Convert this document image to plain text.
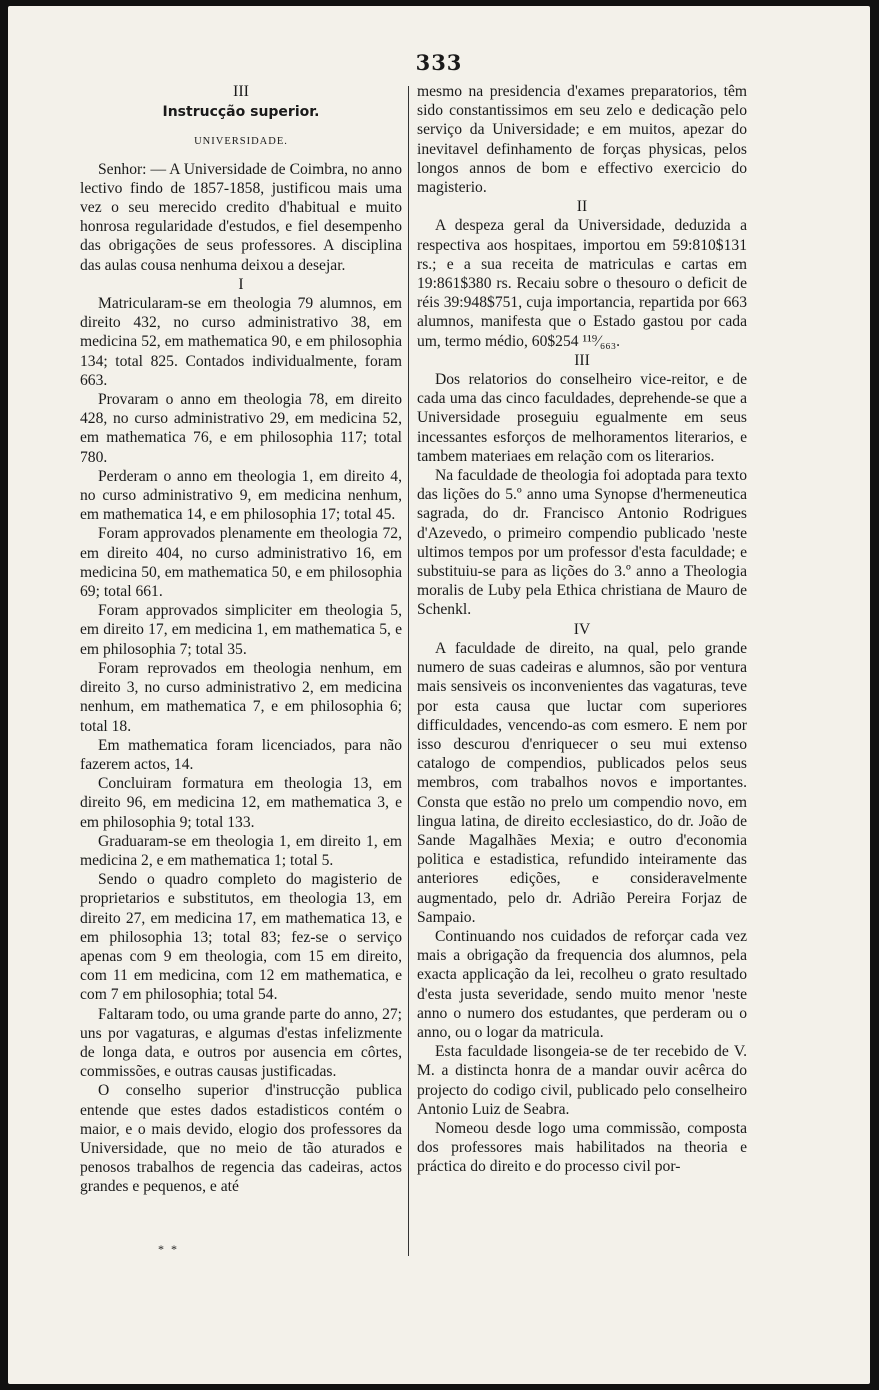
333
III
Instrucção superior.
UNIVERSIDADE.

Senhor: — A Universidade de Coimbra, no anno lectivo findo de 1857-1858, justificou mais uma vez o seu merecido credito d'habitual e muito honrosa regularidade d'estudos, e fiel desempenho das obrigações de seus professores. A disciplina das aulas cousa nenhuma deixou a desejar.

I

Matricularam-se em theologia 79 alumnos, em direito 432, no curso administrativo 38, em medicina 52, em mathematica 90, e em philosophia 134; total 825. Contados individualmente, foram 663.

Provaram o anno em theologia 78, em direito 428, no curso administrativo 29, em medicina 52, em mathematica 76, e em philosophia 117; total 780.

Perderam o anno em theologia 1, em direito 4, no curso administrativo 9, em medicina nenhum, em mathematica 14, e em philosophia 17; total 45.

Foram approvados plenamente em theologia 72, em direito 404, no curso administrativo 16, em medicina 50, em mathematica 50, e em philosophia 69; total 661.

Foram approvados simpliciter em theologia 5, em direito 17, em medicina 1, em mathematica 5, e em philosophia 7; total 35.

Foram reprovados em theologia nenhum, em direito 3, no curso administrativo 2, em medicina nenhum, em mathematica 7, e em philosophia 6; total 18.

Em mathematica foram licenciados, para não fazerem actos, 14.

Concluiram formatura em theologia 13, em direito 96, em medicina 12, em mathematica 3, e em philosophia 9; total 133.

Graduaram-se em theologia 1, em direito 1, em medicina 2, e em mathematica 1; total 5.

Sendo o quadro completo do magisterio de proprietarios e substitutos, em theologia 13, em direito 27, em medicina 17, em mathematica 13, e em philosophia 13; total 83; fez-se o serviço apenas com 9 em theologia, com 15 em direito, com 11 em medicina, com 12 em mathematica, e com 7 em philosophia; total 54.

Faltaram todo, ou uma grande parte do anno, 27; uns por vagaturas, e algumas d'estas infelizmente de longa data, e outros por ausencia em côrtes, commissões, e outras causas justificadas.

O conselho superior d'instrucção publica entende que estes dados estadisticos contém o maior, e o mais devido, elogio dos professores da Universidade, que no meio de tão aturados e penosos trabalhos de regencia das cadeiras, actos grandes e pequenos, e até

mesmo na presidencia d'exames preparatorios, têm sido constantissimos em seu zelo e dedicação pelo serviço da Universidade; e em muitos, apezar do inevitavel definhamento de forças physicas, pelos longos annos de bom e effectivo exercicio do magisterio.

II

A despeza geral da Universidade, deduzida a respectiva aos hospitaes, importou em 59:810$131 rs.; e a sua receita de matriculas e cartas em 19:861$380 rs. Recaiu sobre o thesouro o deficit de réis 39:948$751, cuja importancia, repartida por 663 alumnos, manifesta que o Estado gastou por cada um, termo médio, 60$254 ¹¹⁹⁄₆₆₃.

III

Dos relatorios do conselheiro vice-reitor, e de cada uma das cinco faculdades, deprehende-se que a Universidade proseguiu egualmente em seus incessantes esforços de melhoramentos literarios, e tambem materiaes em relação com os literarios.

Na faculdade de theologia foi adoptada para texto das lições do 5.º anno uma Synopse d'hermeneutica sagrada, do dr. Francisco Antonio Rodrigues d'Azevedo, o primeiro compendio publicado 'neste ultimos tempos por um professor d'esta faculdade; e substituiu-se para as lições do 3.º anno a Theologia moralis de Luby pela Ethica christiana de Mauro de Schenkl.

IV

A faculdade de direito, na qual, pelo grande numero de suas cadeiras e alumnos, são por ventura mais sensiveis os inconvenientes das vagaturas, teve por esta causa que luctar com superiores difficuldades, vencendo-as com esmero. E nem por isso descurou d'enriquecer o seu mui extenso catalogo de compendios, publicados pelos seus membros, com trabalhos novos e importantes. Consta que estão no prelo um compendio novo, em lingua latina, de direito ecclesiastico, do dr. João de Sande Magalhães Mexia; e outro d'economia politica e estadistica, refundido inteiramente das anteriores edições, e consideravelmente augmentado, pelo dr. Adrião Pereira Forjaz de Sampaio.

Continuando nos cuidados de reforçar cada vez mais a obrigação da frequencia dos alumnos, pela exacta applicação da lei, recolheu o grato resultado d'esta justa severidade, sendo muito menor 'neste anno o numero dos estudantes, que perderam ou o anno, ou o logar da matricula.

Esta faculdade lisongeia-se de ter recebido de V. M. a distincta honra de a mandar ouvir acêrca do projecto do codigo civil, publicado pelo conselheiro Antonio Luiz de Seabra.

Nomeou desde logo uma commissão, composta dos professores mais habilitados na theoria e práctica do direito e do processo civil por-

* *
